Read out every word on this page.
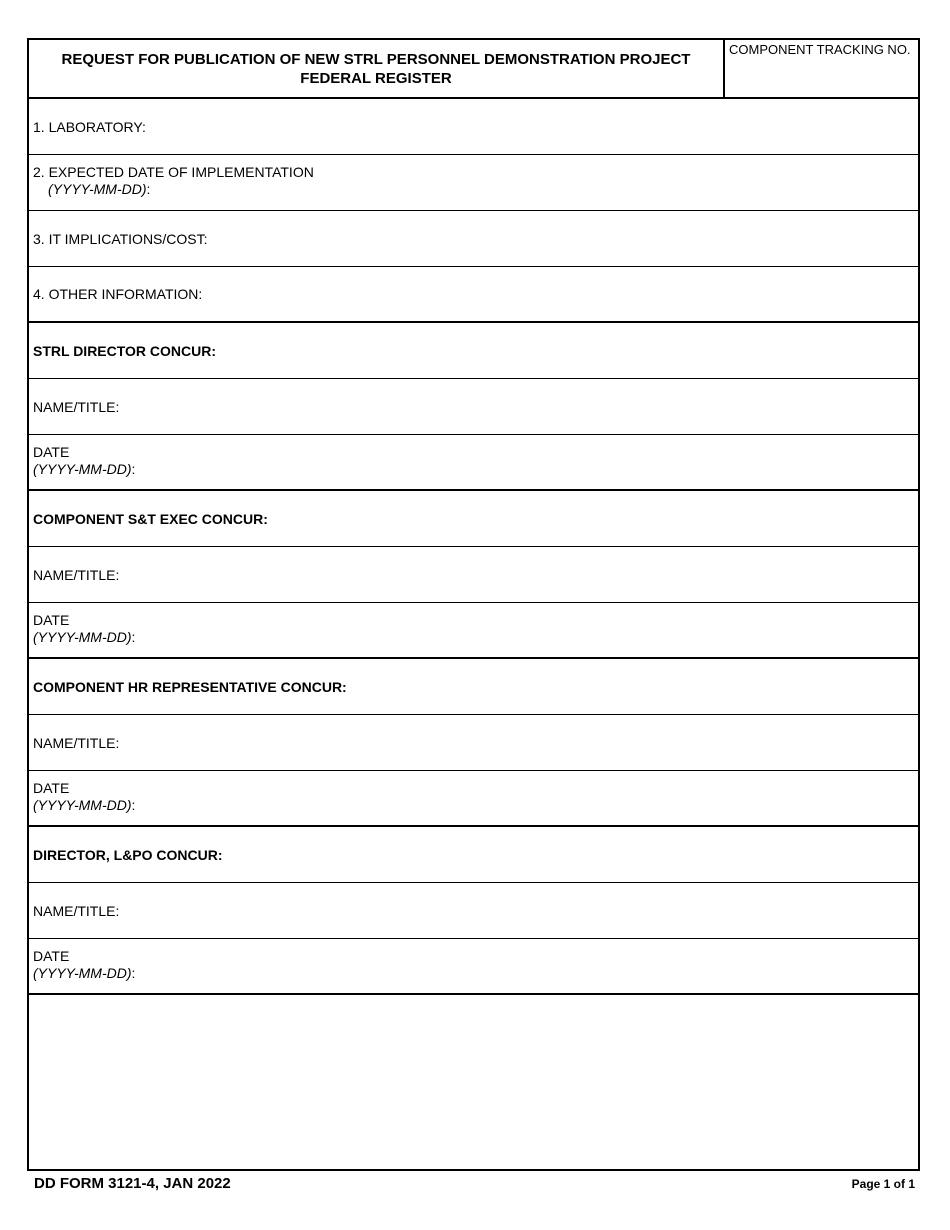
REQUEST FOR PUBLICATION OF NEW STRL PERSONNEL DEMONSTRATION PROJECT
FEDERAL REGISTER
COMPONENT TRACKING NO.
1. LABORATORY:
2. EXPECTED DATE OF IMPLEMENTATION
(YYYY-MM-DD):
3. IT IMPLICATIONS/COST:
4. OTHER INFORMATION:
STRL DIRECTOR CONCUR:
NAME/TITLE:
DATE
(YYYY-MM-DD):
COMPONENT S&T EXEC CONCUR:
NAME/TITLE:
DATE
(YYYY-MM-DD):
COMPONENT HR REPRESENTATIVE CONCUR:
NAME/TITLE:
DATE
(YYYY-MM-DD):
DIRECTOR, L&PO CONCUR:
NAME/TITLE:
DATE
(YYYY-MM-DD):
DD FORM 3121-4, JAN 2022	Page 1 of 1
